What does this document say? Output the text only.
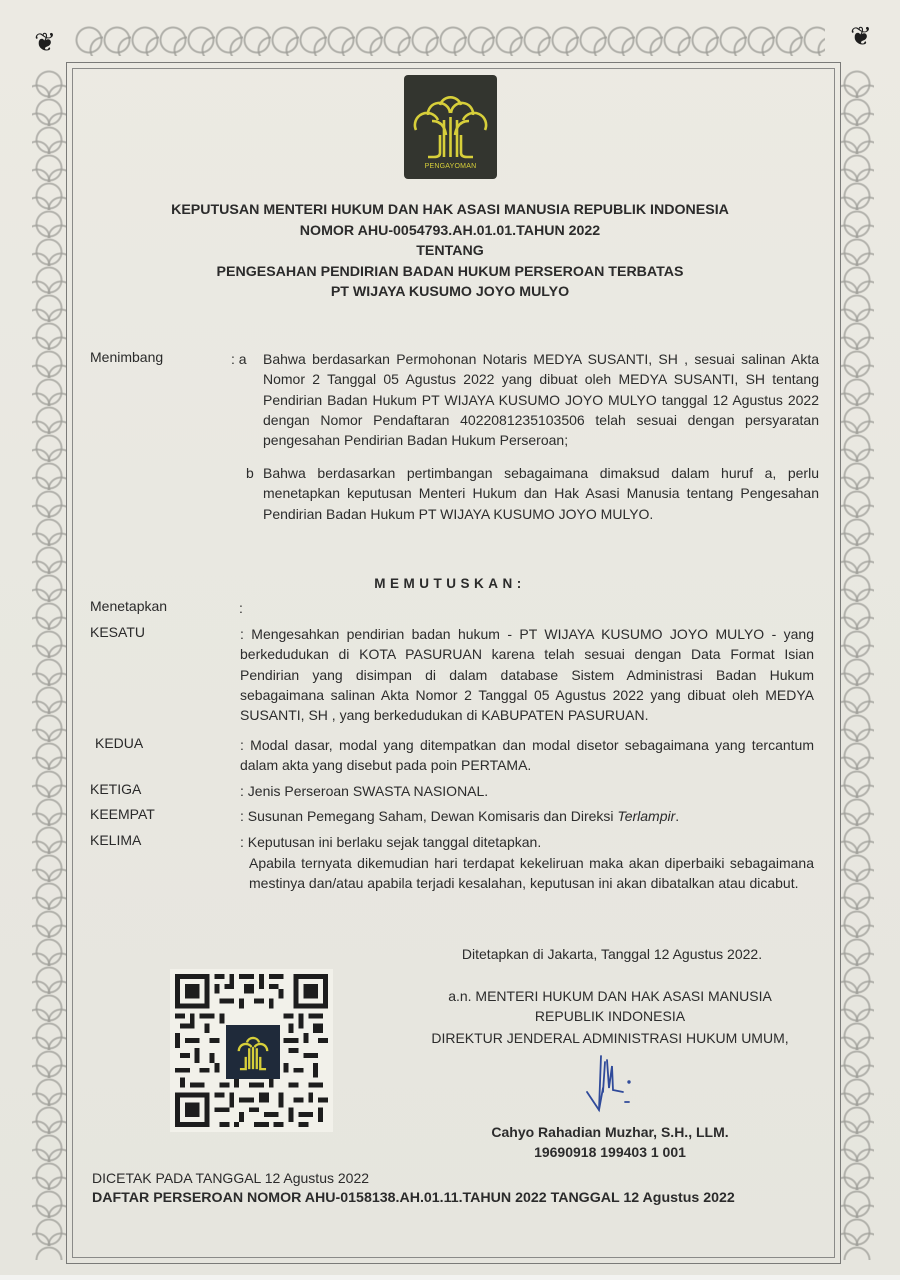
❦	❦
PENGAYOMAN
KEPUTUSAN MENTERI HUKUM DAN HAK ASASI MANUSIA REPUBLIK INDONESIA
NOMOR AHU-0054793.AH.01.01.TAHUN 2022
TENTANG
PENGESAHAN PENDIRIAN BADAN HUKUM PERSEROAN TERBATAS
PT WIJAYA KUSUMO JOYO MULYO
Menimbang	: a Bahwa berdasarkan Permohonan Notaris MEDYA SUSANTI, SH , sesuai salinan Akta Nomor 2 Tanggal 05 Agustus 2022 yang dibuat oleh MEDYA SUSANTI, SH tentang Pendirian Badan Hukum PT WIJAYA KUSUMO JOYO MULYO tanggal 12 Agustus 2022 dengan Nomor Pendaftaran 4022081235103506 telah sesuai dengan persyaratan pengesahan Pendirian Badan Hukum Perseroan;
b Bahwa berdasarkan pertimbangan sebagaimana dimaksud dalam huruf a, perlu menetapkan keputusan Menteri Hukum dan Hak Asasi Manusia tentang Pengesahan Pendirian Badan Hukum PT WIJAYA KUSUMO JOYO MULYO.
MEMUTUSKAN:
Menetapkan	:
KESATU	: Mengesahkan pendirian badan hukum - PT WIJAYA KUSUMO JOYO MULYO - yang berkedudukan di KOTA PASURUAN karena telah sesuai dengan Data Format Isian Pendirian yang disimpan di dalam database Sistem Administrasi Badan Hukum sebagaimana salinan Akta Nomor 2 Tanggal 05 Agustus 2022 yang dibuat oleh MEDYA SUSANTI, SH , yang berkedudukan di KABUPATEN PASURUAN.
KEDUA	: Modal dasar, modal yang ditempatkan dan modal disetor sebagaimana yang tercantum dalam akta yang disebut pada poin PERTAMA.
KETIGA	: Jenis Perseroan SWASTA NASIONAL.
KEEMPAT	: Susunan Pemegang Saham, Dewan Komisaris dan Direksi Terlampir.
KELIMA	: Keputusan ini berlaku sejak tanggal ditetapkan.
Apabila ternyata dikemudian hari terdapat kekeliruan maka akan diperbaiki sebagaimana mestinya dan/atau apabila terjadi kesalahan, keputusan ini akan dibatalkan atau dicabut.
Ditetapkan di Jakarta, Tanggal 12 Agustus 2022.
a.n. MENTERI HUKUM DAN HAK ASASI MANUSIA
REPUBLIK INDONESIA
DIREKTUR JENDERAL ADMINISTRASI HUKUM UMUM,
Cahyo Rahadian Muzhar, S.H., LLM.
19690918 199403 1 001
DICETAK PADA TANGGAL 12 Agustus 2022
DAFTAR PERSEROAN NOMOR AHU-0158138.AH.01.11.TAHUN 2022 TANGGAL 12 Agustus 2022
